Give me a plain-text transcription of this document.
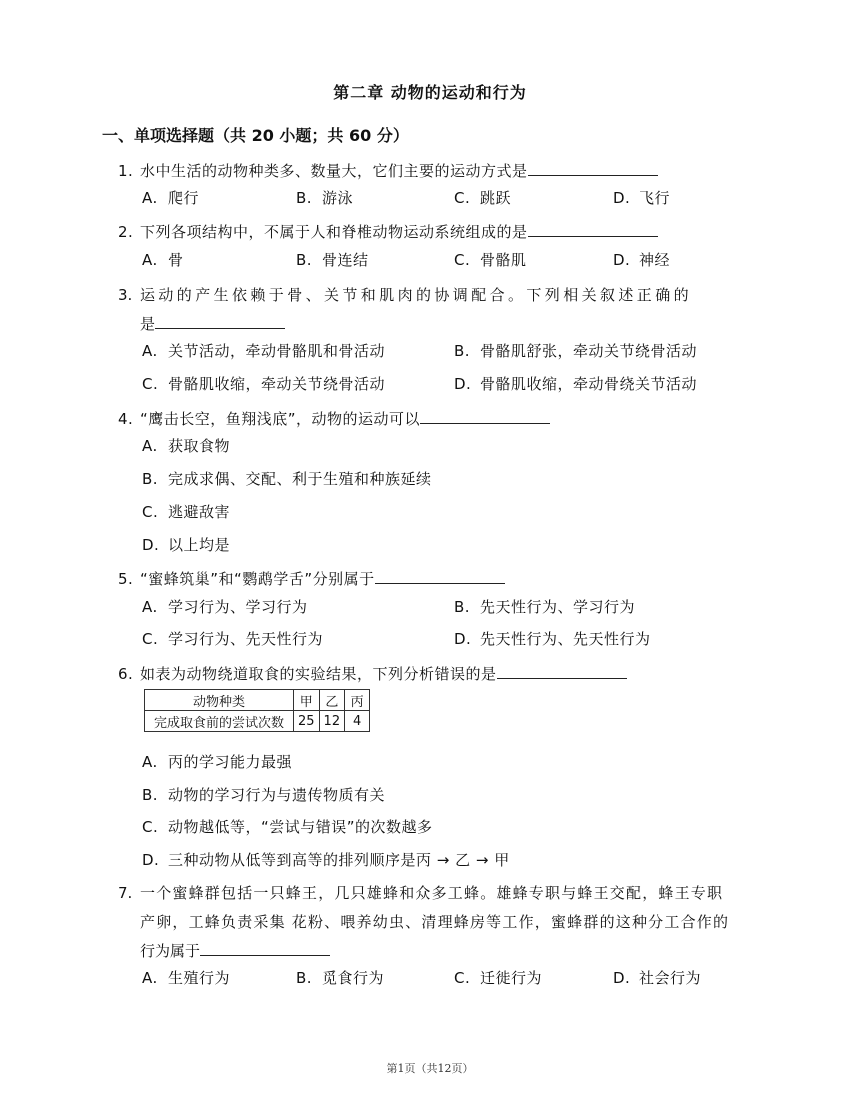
第二章 动物的运动和行为
一、单项选择题（共 20 小题；共 60 分）
1. 水中生活的动物种类多、数量大，它们主要的运动方式是
A. 爬行	B. 游泳	C. 跳跃	D. 飞行
2. 下列各项结构中，不属于人和脊椎动物运动系统组成的是
A. 骨	B. 骨连结	C. 骨骼肌	D. 神经
3. 运动的产生依赖于骨、关节和肌肉的协调配合。下列相关叙述正确的
是
A. 关节活动，牵动骨骼肌和骨活动	B. 骨骼肌舒张，牵动关节绕骨活动
C. 骨骼肌收缩，牵动关节绕骨活动	D. 骨骼肌收缩，牵动骨绕关节活动
4. “鹰击长空，鱼翔浅底”，动物的运动可以
A. 获取食物
B. 完成求偶、交配、利于生殖和种族延续
C. 逃避敌害
D. 以上均是
5. “蜜蜂筑巢”和“鹦鹉学舌”分别属于
A. 学习行为、学习行为	B. 先天性行为、学习行为
C. 学习行为、先天性行为	D. 先天性行为、先天性行为
6. 如表为动物绕道取食的实验结果，下列分析错误的是
动物种类	甲	乙	丙
完成取食前的尝试次数	25	12	4
A. 丙的学习能力最强
B. 动物的学习行为与遗传物质有关
C. 动物越低等，“尝试与错误”的次数越多
D. 三种动物从低等到高等的排列顺序是丙 → 乙 → 甲
7. 一个蜜蜂群包括一只蜂王，几只雄蜂和众多工蜂。雄蜂专职与蜂王交配，蜂王专职
产卵，工蜂负责采集 花粉、喂养幼虫、清理蜂房等工作，蜜蜂群的这种分工合作的
行为属于
A. 生殖行为	B. 觅食行为	C. 迁徙行为	D. 社会行为
第1页（共12页）
